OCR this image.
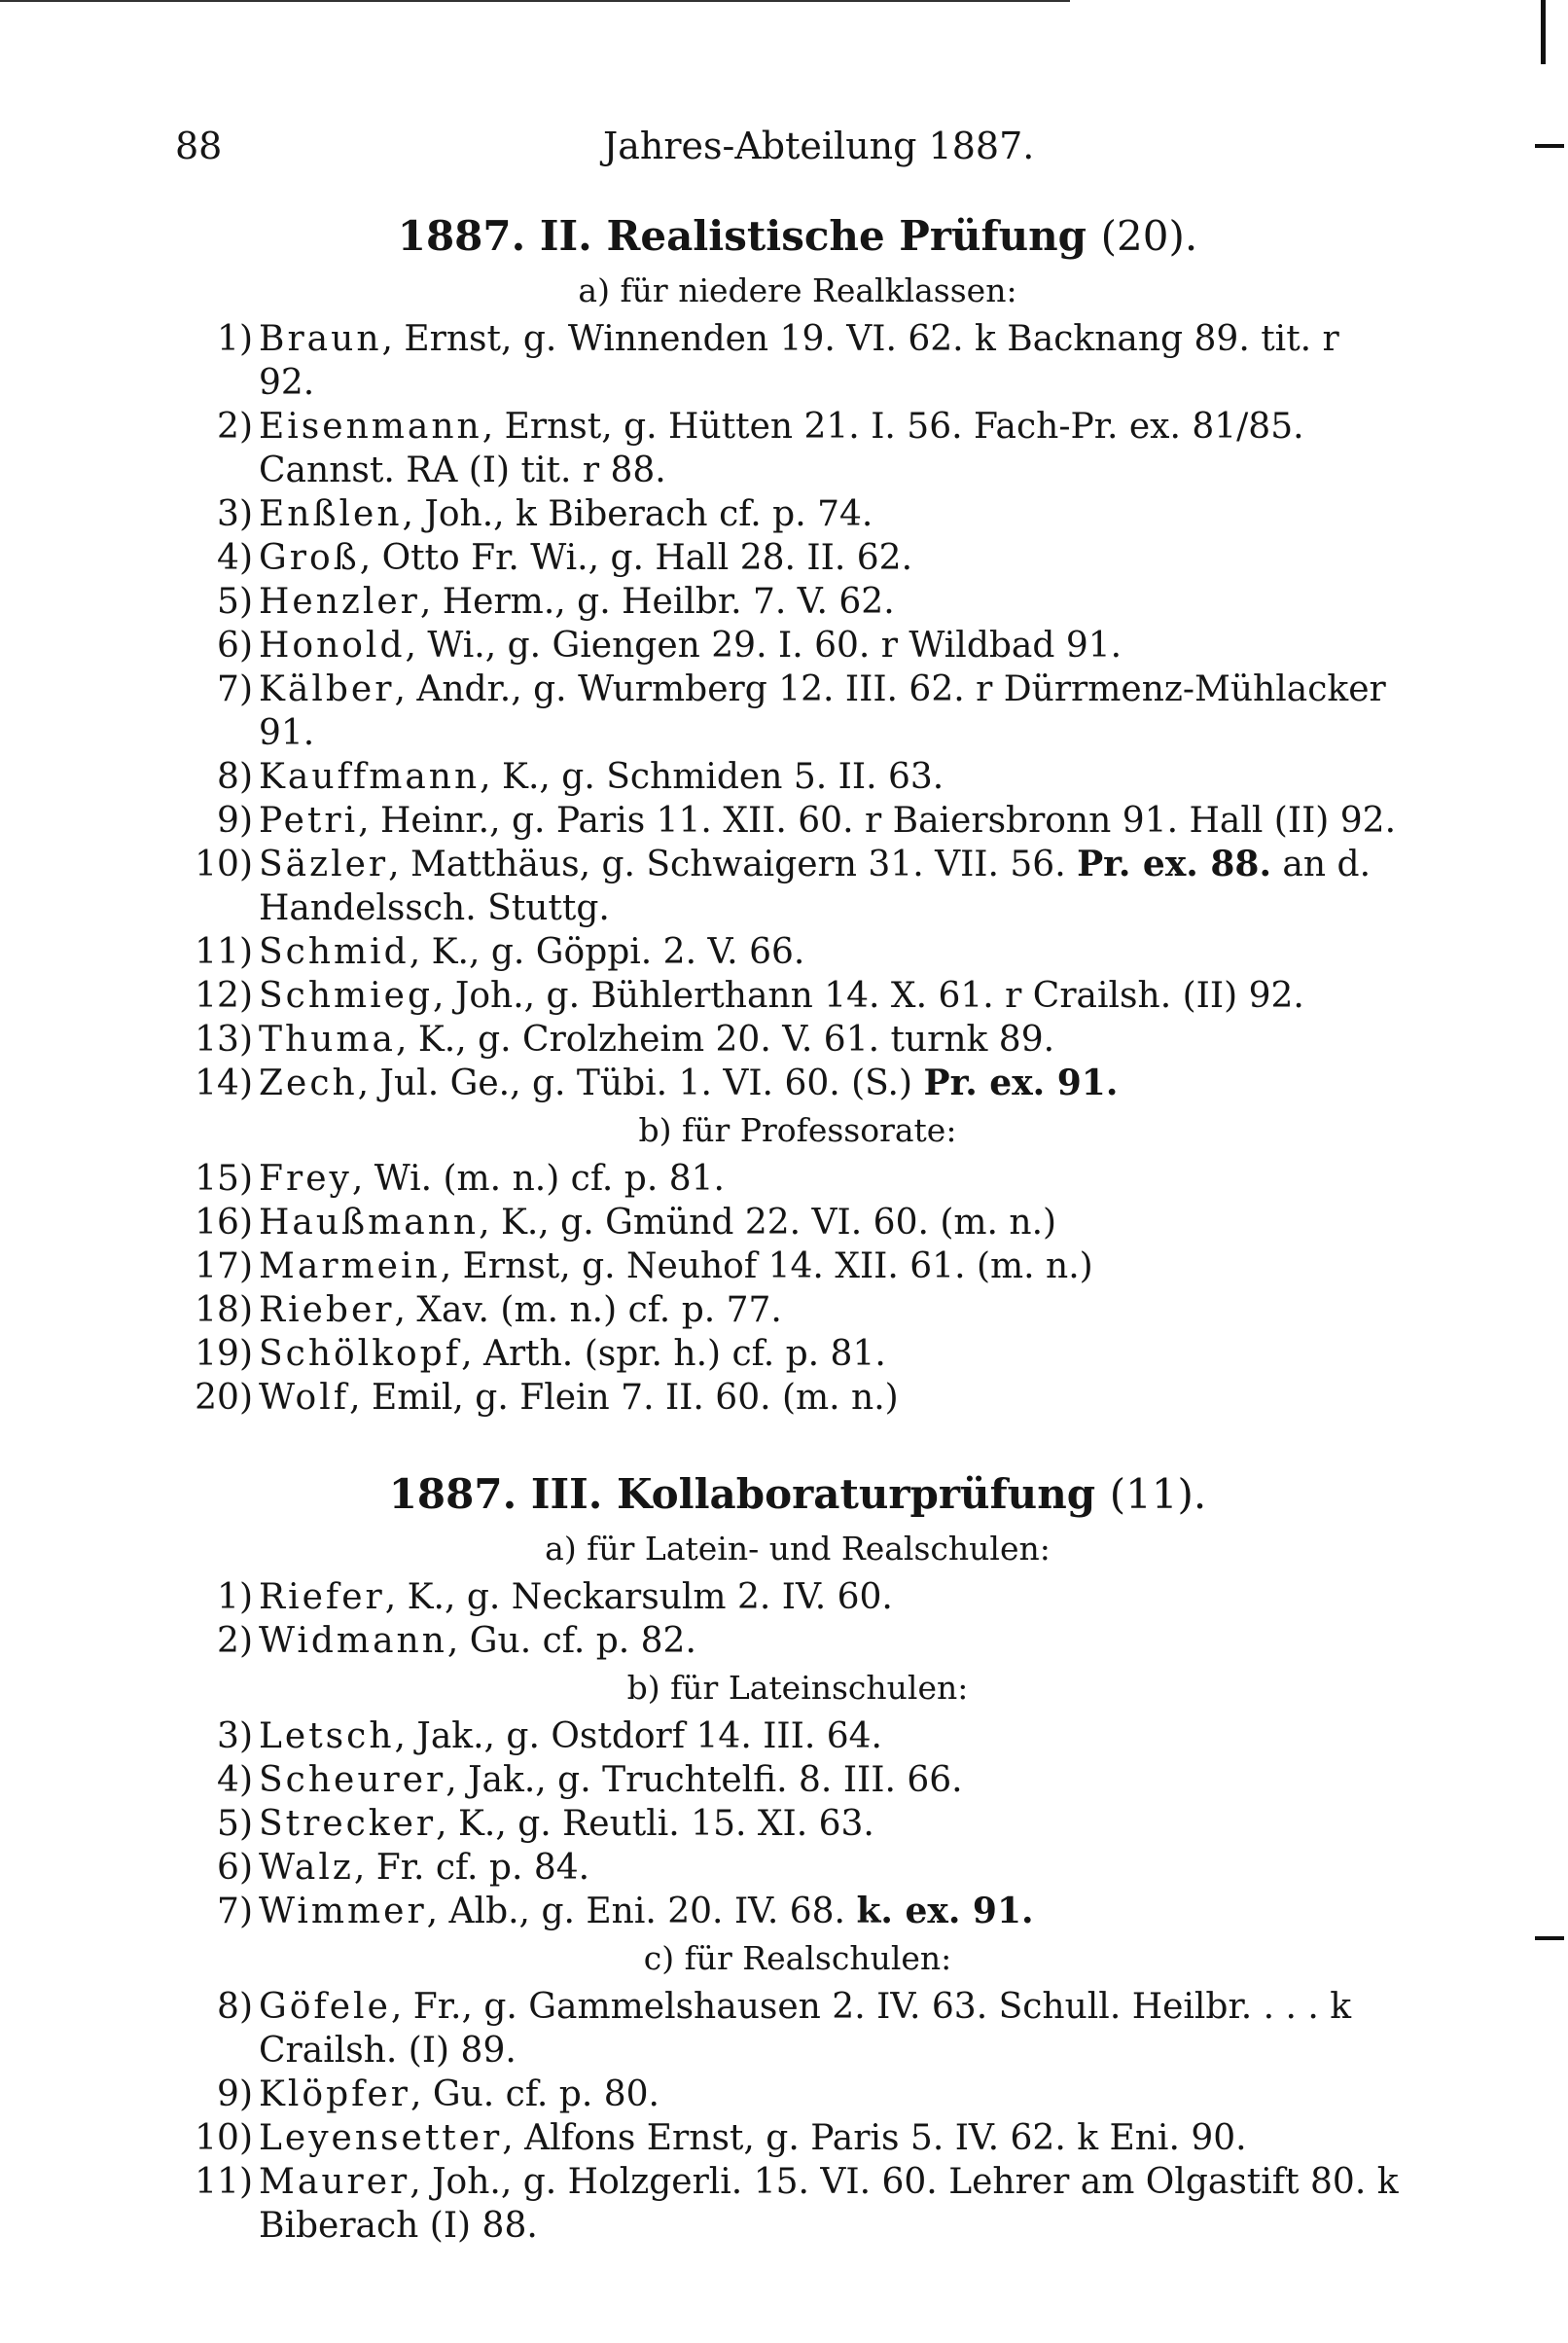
88	Jahres-Abteilung 1887.
1887. II. Realistische Prüfung (20).
a) für niedere Realklassen:
1) Braun, Ernst, g. Winnenden 19. VI. 62. k Backnang 89. tit. r 92.
2) Eisenmann, Ernst, g. Hütten 21. I. 56. Fach-Pr. ex. 81/85. Cannst. RA (I) tit. r 88.
3) Enßlen, Joh., k Biberach cf. p. 74.
4) Groß, Otto Fr. Wi., g. Hall 28. II. 62.
5) Henzler, Herm., g. Heilbr. 7. V. 62.
6) Honold, Wi., g. Giengen 29. I. 60. r Wildbad 91.
7) Kälber, Andr., g. Wurmberg 12. III. 62. r Dürrmenz-Mühlacker 91.
8) Kauffmann, K., g. Schmiden 5. II. 63.
9) Petri, Heinr., g. Paris 11. XII. 60. r Baiersbronn 91. Hall (II) 92.
10) Säzler, Matthäus, g. Schwaigern 31. VII. 56. Pr. ex. 88. an d. Handelssch. Stuttg.
11) Schmid, K., g. Göppi. 2. V. 66.
12) Schmieg, Joh., g. Bühlerthann 14. X. 61. r Crailsh. (II) 92.
13) Thuma, K., g. Crolzheim 20. V. 61. turnk 89.
14) Zech, Jul. Ge., g. Tübi. 1. VI. 60. (S.) Pr. ex. 91.
b) für Professorate:
15) Frey, Wi. (m. n.) cf. p. 81.
16) Haußmann, K., g. Gmünd 22. VI. 60. (m. n.)
17) Marmein, Ernst, g. Neuhof 14. XII. 61. (m. n.)
18) Rieber, Xav. (m. n.) cf. p. 77.
19) Schölkopf, Arth. (spr. h.) cf. p. 81.
20) Wolf, Emil, g. Flein 7. II. 60. (m. n.)
1887. III. Kollaboraturprüfung (11).
a) für Latein- und Realschulen:
1) Riefer, K., g. Neckarsulm 2. IV. 60.
2) Widmann, Gu. cf. p. 82.
b) für Lateinschulen:
3) Letsch, Jak., g. Ostdorf 14. III. 64.
4) Scheurer, Jak., g. Truchtelfi. 8. III. 66.
5) Strecker, K., g. Reutli. 15. XI. 63.
6) Walz, Fr. cf. p. 84.
7) Wimmer, Alb., g. Eni. 20. IV. 68. k. ex. 91.
c) für Realschulen:
8) Göfele, Fr., g. Gammelshausen 2. IV. 63. Schull. Heilbr. . . . k Crailsh. (I) 89.
9) Klöpfer, Gu. cf. p. 80.
10) Leyensetter, Alfons Ernst, g. Paris 5. IV. 62. k Eni. 90.
11) Maurer, Joh., g. Holzgerli. 15. VI. 60. Lehrer am Olgastift 80. k Biberach (I) 88.
